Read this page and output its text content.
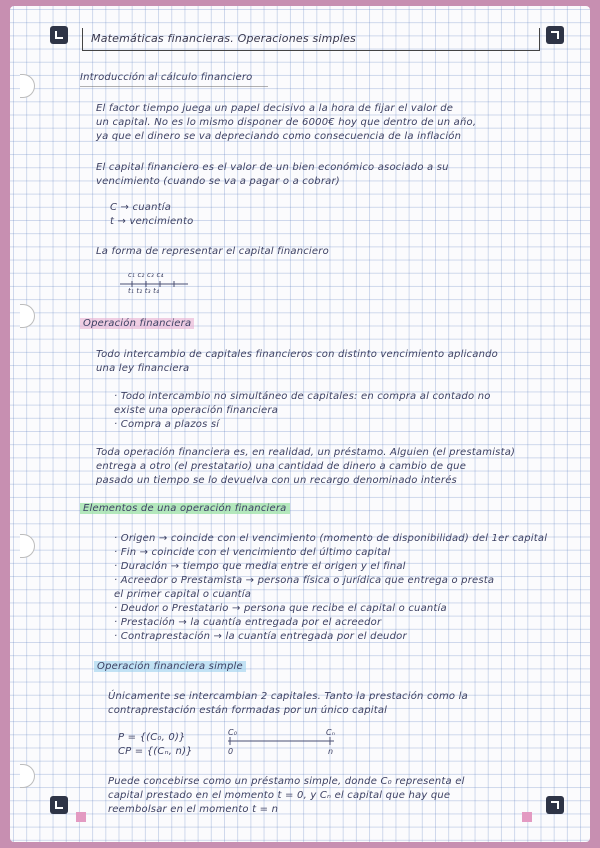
Matemáticas financieras. Operaciones simples
Introducción al cálculo financiero
El factor tiempo juega un papel decisivo a la hora de fijar el valor de
un capital. No es lo mismo disponer de 6000€ hoy que dentro de un año,
ya que el dinero se va depreciando como consecuencia de la inflación
El capital financiero es el valor de un bien económico asociado a su
vencimiento (cuando se va a pagar o a cobrar)
C → cuantía
t → vencimiento
La forma de representar el capital financiero
c₁ c₂ c₃ c₄
t₁ t₂ t₃ t₄
Operación financiera
Todo intercambio de capitales financieros con distinto vencimiento aplicando
una ley financiera
· Todo intercambio no simultáneo de capitales: en compra al contado no
existe una operación financiera
· Compra a plazos sí
Toda operación financiera es, en realidad, un préstamo. Alguien (el prestamista)
entrega a otro (el prestatario) una cantidad de dinero a cambio de que
pasado un tiempo se lo devuelva con un recargo denominado interés
Elementos de una operación financiera
· Origen → coincide con el vencimiento (momento de disponibilidad) del 1er capital
· Fin → coincide con el vencimiento del último capital
· Duración → tiempo que media entre el origen y el final
· Acreedor o Prestamista → persona física o jurídica que entrega o presta
el primer capital o cuantía
· Deudor o Prestatario → persona que recibe el capital o cuantía
· Prestación → la cuantía entregada por el acreedor
· Contraprestación → la cuantía entregada por el deudor
Operación financiera simple
Únicamente se intercambian 2 capitales. Tanto la prestación como la
contraprestación están formadas por un único capital
P = {(C₀, 0)}
CP = {(Cₙ, n)}
C₀	Cₙ
0	n
Puede concebirse como un préstamo simple, donde C₀ representa el
capital prestado en el momento t = 0, y Cₙ el capital que hay que
reembolsar en el momento t = n
